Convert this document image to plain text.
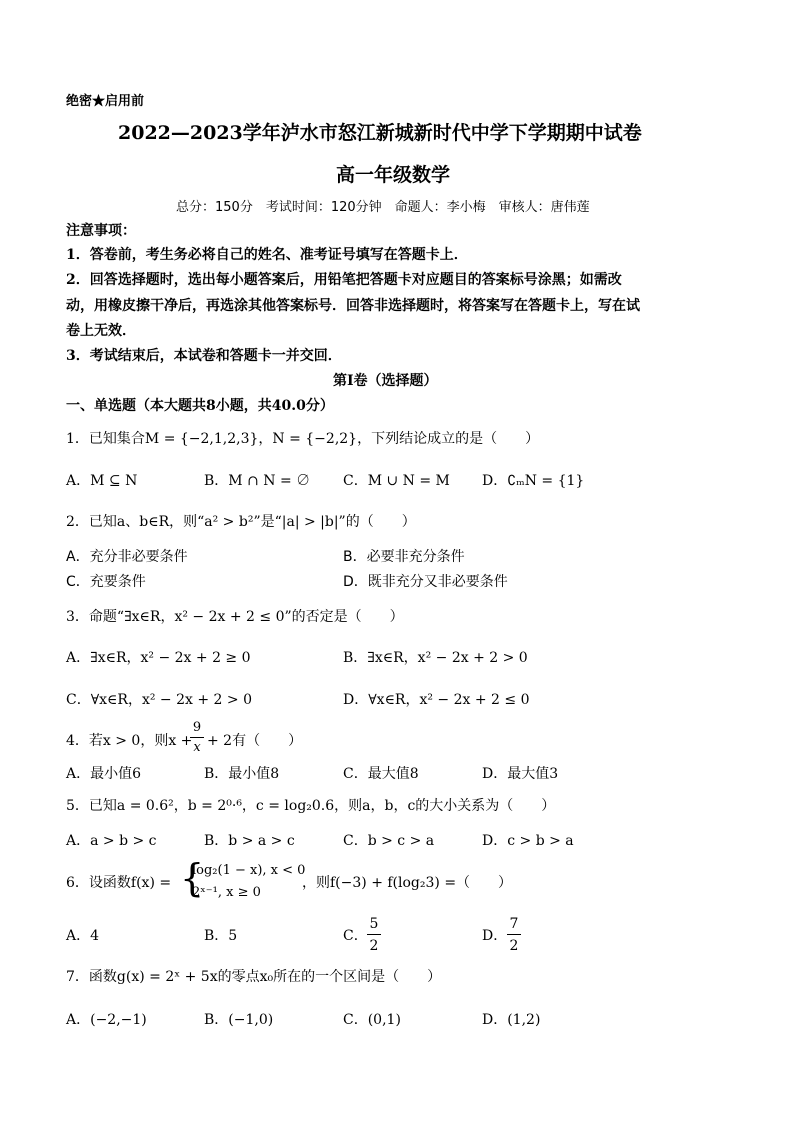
绝密★启用前
2022—2023学年泸水市怒江新城新时代中学下学期期中试卷
高一年级数学
总分：150分　考试时间：120分钟　命题人：李小梅　审核人：唐伟莲
注意事项：
1．答卷前，考生务必将自己的姓名、准考证号填写在答题卡上．
2．回答选择题时，选出每小题答案后，用铅笔把答题卡对应题目的答案标号涂黑；如需改
动，用橡皮擦干净后，再选涂其他答案标号．回答非选择题时，将答案写在答题卡上，写在试
卷上无效．
3．考试结束后，本试卷和答题卡一并交回．
第Ⅰ卷（选择题）
一、单选题（本大题共8小题，共40.0分）
1．已知集合M = {−2,1,2,3}，N = {−2,2}，下列结论成立的是（　　）
A．M ⊆ N	B．M ∩ N = ∅ C．M ∪ N = M D．∁ₘN = {1}
2．已知a、b∈R，则“a² > b²”是“|a| > |b|”的（　　）
A．充分非必要条件	B．必要非充分条件
C．充要条件	D．既非充分又非必要条件
3．命题“∃x∈R，x² − 2x + 2 ≤ 0”的否定是（　　）
A．∃x∈R，x² − 2x + 2 ≥ 0	B．∃x∈R，x² − 2x + 2 > 0
C．∀x∈R，x² − 2x + 2 > 0	D．∀x∈R，x² − 2x + 2 ≤ 0
4．若x > 0，则x +
9
x + 2有（　　）
A．最小值6	B．最小值8	C．最大值8	D．最大值3
5．已知a = 0.6²，b = 2⁰·⁶，c = log₂0.6，则a，b，c的大小关系为（　　）
A．a > b > c	B．b > a > c	C．b > c > a	D．c > b > a
6．设函数f(x) = {
log₂(1 − x), x < 0
2ˣ⁻¹, x ≥ 0
，则f(−3) + f(log₂3) =（　　）
A．4	B．5	C．
5
2
D．
7
2
7．函数g(x) = 2ˣ + 5x的零点x₀所在的一个区间是（　　）
A．(−2,−1)	B．(−1,0)	C．(0,1)	D．(1,2)
